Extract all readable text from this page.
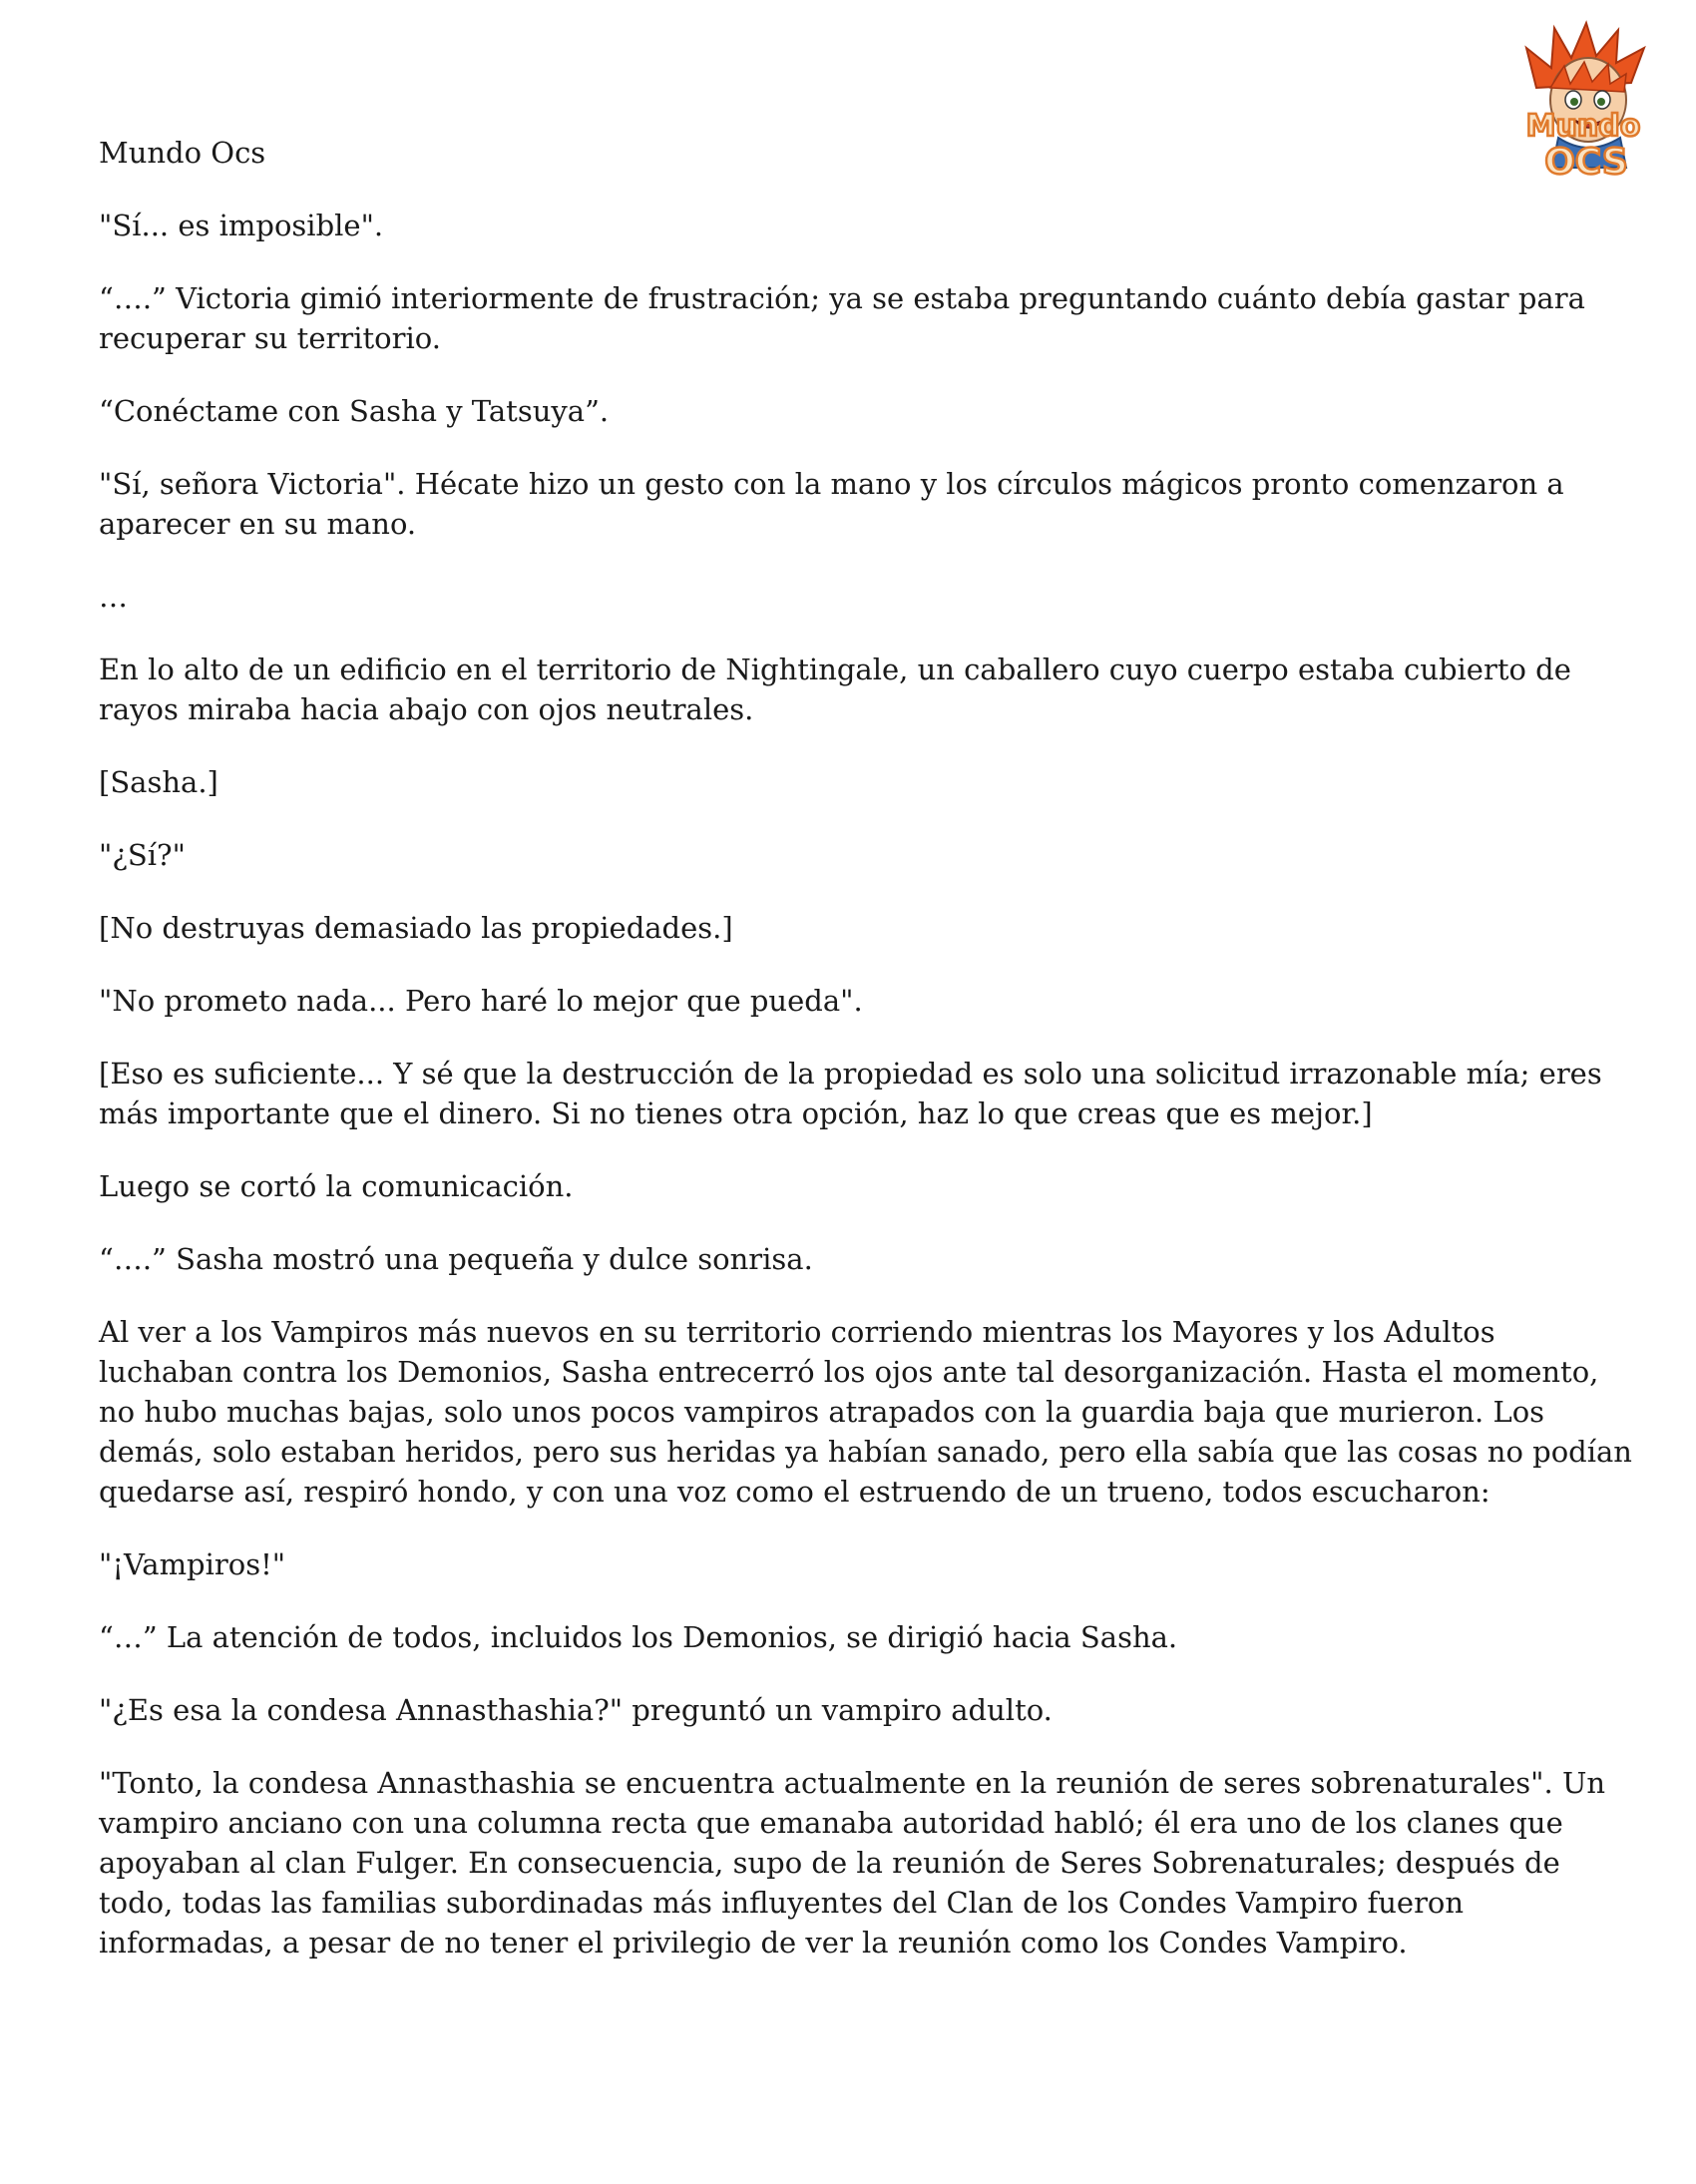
Mundo
OCS
Mundo Ocs

"Sí... es imposible".

“….” Victoria gimió interiormente de frustración; ya se estaba preguntando cuánto debía gastar para recuperar su territorio.

“Conéctame con Sasha y Tatsuya”.

"Sí, señora Victoria". Hécate hizo un gesto con la mano y los círculos mágicos pronto comenzaron a aparecer en su mano.

…

En lo alto de un edificio en el territorio de Nightingale, un caballero cuyo cuerpo estaba cubierto de rayos miraba hacia abajo con ojos neutrales.

[Sasha.]

"¿Sí?"

[No destruyas demasiado las propiedades.]

"No prometo nada... Pero haré lo mejor que pueda".

[Eso es suficiente... Y sé que la destrucción de la propiedad es solo una solicitud irrazonable mía; eres más importante que el dinero. Si no tienes otra opción, haz lo que creas que es mejor.]

Luego se cortó la comunicación.

“….” Sasha mostró una pequeña y dulce sonrisa.

Al ver a los Vampiros más nuevos en su territorio corriendo mientras los Mayores y los Adultos luchaban contra los Demonios, Sasha entrecerró los ojos ante tal desorganización. Hasta el momento, no hubo muchas bajas, solo unos pocos vampiros atrapados con la guardia baja que murieron. Los demás, solo estaban heridos, pero sus heridas ya habían sanado, pero ella sabía que las cosas no podían quedarse así, respiró hondo, y con una voz como el estruendo de un trueno, todos escucharon:

"¡Vampiros!"

“…” La atención de todos, incluidos los Demonios, se dirigió hacia Sasha.

"¿Es esa la condesa Annasthashia?" preguntó un vampiro adulto.

"Tonto, la condesa Annasthashia se encuentra actualmente en la reunión de seres sobrenaturales". Un vampiro anciano con una columna recta que emanaba autoridad habló; él era uno de los clanes que apoyaban al clan Fulger. En consecuencia, supo de la reunión de Seres Sobrenaturales; después de todo, todas las familias subordinadas más influyentes del Clan de los Condes Vampiro fueron informadas, a pesar de no tener el privilegio de ver la reunión como los Condes Vampiro.
